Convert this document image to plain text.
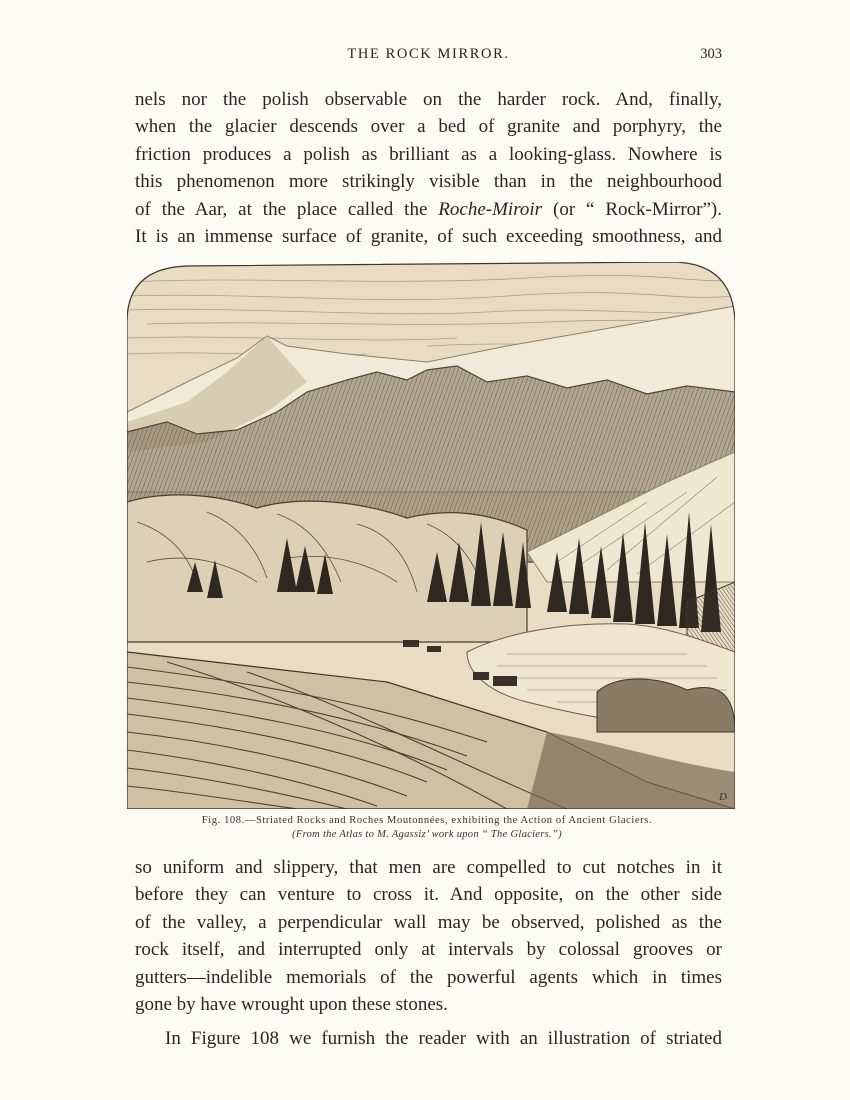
THE ROCK MIRROR.	303

nels nor the polish observable on the harder rock. And, finally,
when the glacier descends over a bed of granite and porphyry, the
friction produces a polish as brilliant as a looking-glass. Nowhere is
this phenomenon more strikingly visible than in the neighbourhood
of the Aar, at the place called the Roche-Miroir (or “ Rock-Mirror”).
It is an immense surface of granite, of such exceeding smoothness, and

D
Fig. 108.—Striated Rocks and Roches Moutonnées, exhibiting the Action of Ancient Glaciers.
(From the Atlas to M. Agassiz’ work upon “ The Glaciers.”)

so uniform and slippery, that men are compelled to cut notches in it
before they can venture to cross it. And opposite, on the other side
of the valley, a perpendicular wall may be observed, polished as the
rock itself, and interrupted only at intervals by colossal grooves or
gutters—indelible memorials of the powerful agents which in times
gone by have wrought upon these stones.

In Figure 108 we furnish the reader with an illustration of striated
